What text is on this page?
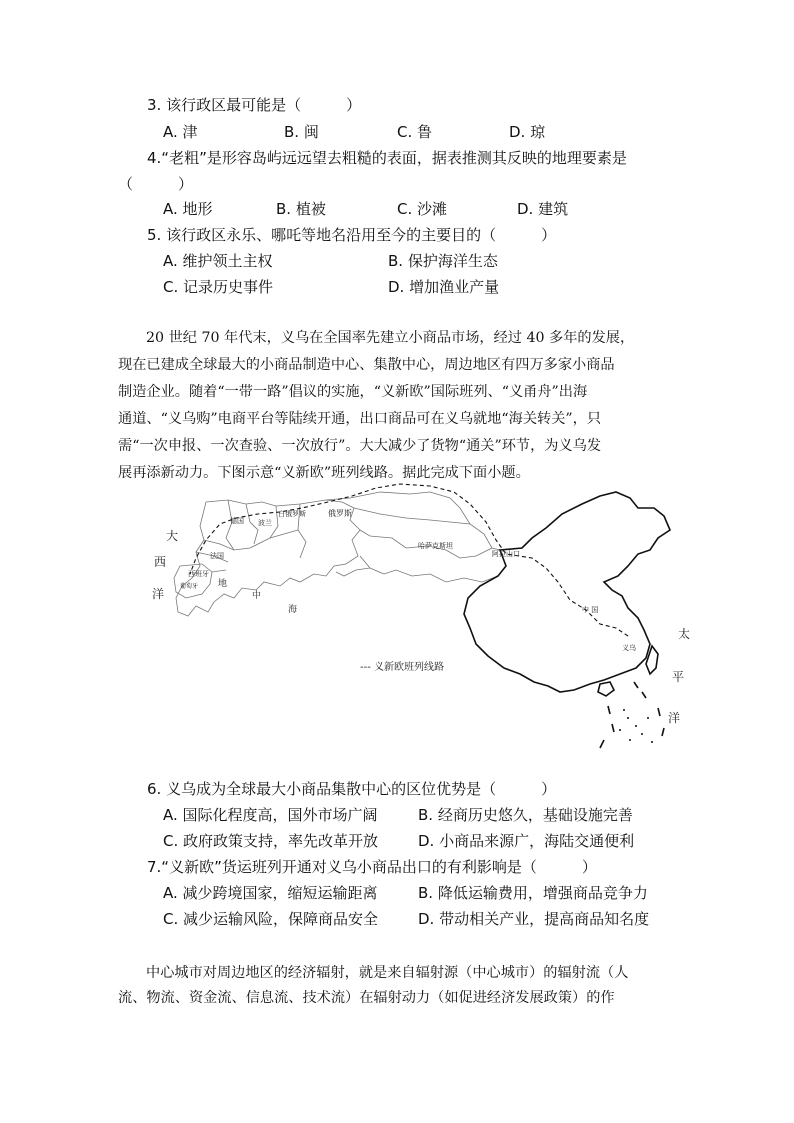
3. 该行政区最可能是（　　　）
A. 津	B. 闽	C. 鲁	D. 琼
4.“老粗”是形容岛屿远远望去粗糙的表面，据表推测其反映的地理要素是
（　　　）
A. 地形	B. 植被	C. 沙滩	D. 建筑
5. 该行政区永乐、哪吒等地名沿用至今的主要目的（　　　）
A. 维护领土主权	B. 保护海洋生态
C. 记录历史事件	D. 增加渔业产量
20 世纪 70 年代末，义乌在全国率先建立小商品市场，经过 40 多年的发展，
现在已建成全球最大的小商品制造中心、集散中心，周边地区有四万多家小商品
制造企业。随着“一带一路”倡议的实施，“义新欧”国际班列、“义甬舟”出海
通道、“义乌购”电商平台等陆续开通，出口商品可在义乌就地“海关转关”，只
需“一次申报、一次查验、一次放行”。大大减少了货物“通关”环节，为义乌发
展再添新动力。下图示意“义新欧”班列线路。据此完成下面小题。
大
西
洋
地
中
海
太
平
洋
德国 波兰
白俄罗斯	俄罗斯
法国
西班牙
葡萄牙
哈萨克斯坦
阿拉山口
中 国
义乌
--- 义新欧班列线路
6. 义乌成为全球最大小商品集散中心的区位优势是（　　　）
A. 国际化程度高，国外市场广阔	B. 经商历史悠久，基础设施完善
C. 政府政策支持，率先改革开放	D. 小商品来源广，海陆交通便利
7.“义新欧”货运班列开通对义乌小商品出口的有利影响是（　　　）
A. 减少跨境国家，缩短运输距离	B. 降低运输费用，增强商品竞争力
C. 减少运输风险，保障商品安全	D. 带动相关产业，提高商品知名度
中心城市对周边地区的经济辐射，就是来自辐射源（中心城市）的辐射流（人
流、物流、资金流、信息流、技术流）在辐射动力（如促进经济发展政策）的作
